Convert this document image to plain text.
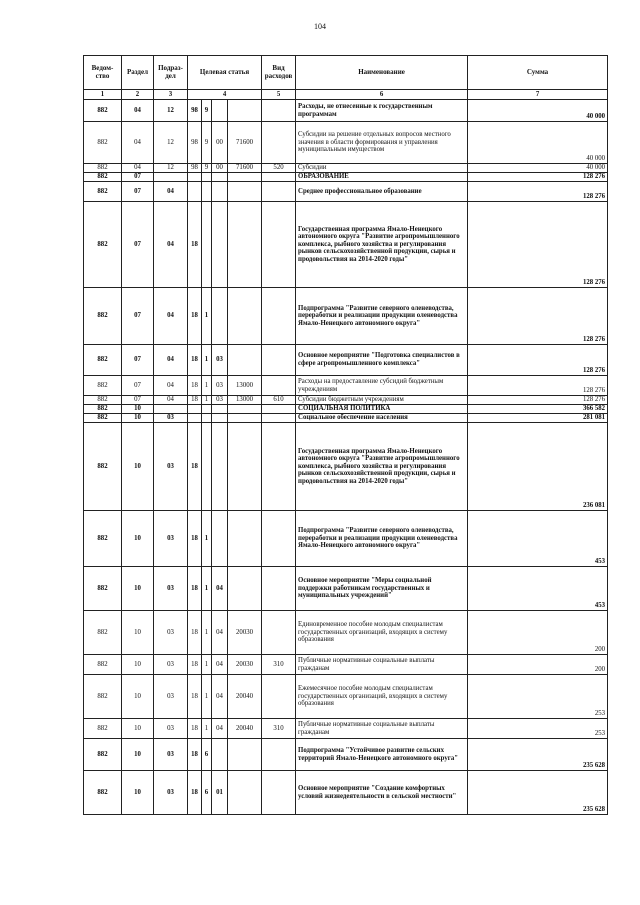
104
Ведом-ство	Раздел	Подраз-дел	Целевая статья				Вид расходов	Наименование	Сумма
1	2	3	4				5	6	7
882	04	12	98	9				Расходы, не отнесенные к государственным программам	40 000
882	04	12	98	9	00	71600		Субсидии на решение отдельных вопросов местного значения в области формирования и управления муниципальным имуществом	40 000
882	04	12	98	9	00	71600	520	Субсидии	40 000
882	07							ОБРАЗОВАНИЕ	128 276
882	07	04						Среднее профессиональное образование	128 276
882	07	04	18					Государственная программа Ямало-Ненецкого автономного округа "Развитие агропромышленного комплекса, рыбного хозяйства и регулирования рынков сельскохозяйственной продукции, сырья и продовольствия на 2014-2020 годы"	128 276
882	07	04	18	1				Подпрограмма "Развитие северного оленеводства, переработки и реализации продукции оленеводства Ямало-Ненецкого автономного округа"	128 276
882	07	04	18	1	03			Основное мероприятие "Подготовка специалистов в сфере агропромышленного комплекса"	128 276
882	07	04	18	1	03	13000		Расходы на предоставление субсидий бюджетным учреждениям	128 276
882	07	04	18	1	03	13000	610	Субсидии бюджетным учреждениям	128 276
882	10							СОЦИАЛЬНАЯ ПОЛИТИКА	366 582
882	10	03						Социальное обеспечение населения	281 081
882	10	03	18					Государственная программа Ямало-Ненецкого автономного округа "Развитие агропромышленного комплекса, рыбного хозяйства и регулирования рынков сельскохозяйственной продукции, сырья и продовольствия на 2014-2020 годы"	236 081
882	10	03	18	1				Подпрограмма "Развитие северного оленеводства, переработки и реализации продукции оленеводства Ямало-Ненецкого автономного округа"	453
882	10	03	18	1	04			Основное мероприятие "Меры социальной поддержки работникам государственных и муниципальных учреждений"	453
882	10	03	18	1	04	20030		Единовременное пособие молодым специалистам государственных организаций, входящих в систему образования	200
882	10	03	18	1	04	20030	310	Публичные нормативные социальные выплаты гражданам	200
882	10	03	18	1	04	20040		Ежемесячное пособие молодым специалистам государственных организаций, входящих в систему образования	253
882	10	03	18	1	04	20040	310	Публичные нормативные социальные выплаты гражданам	253
882	10	03	18	6				Подпрограмма "Устойчивое развитие сельских территорий Ямало-Ненецкого автономного округа"	235 628
882	10	03	18	6	01			Основное мероприятие "Создание комфортных условий жизнедеятельности в сельской местности"	235 628
